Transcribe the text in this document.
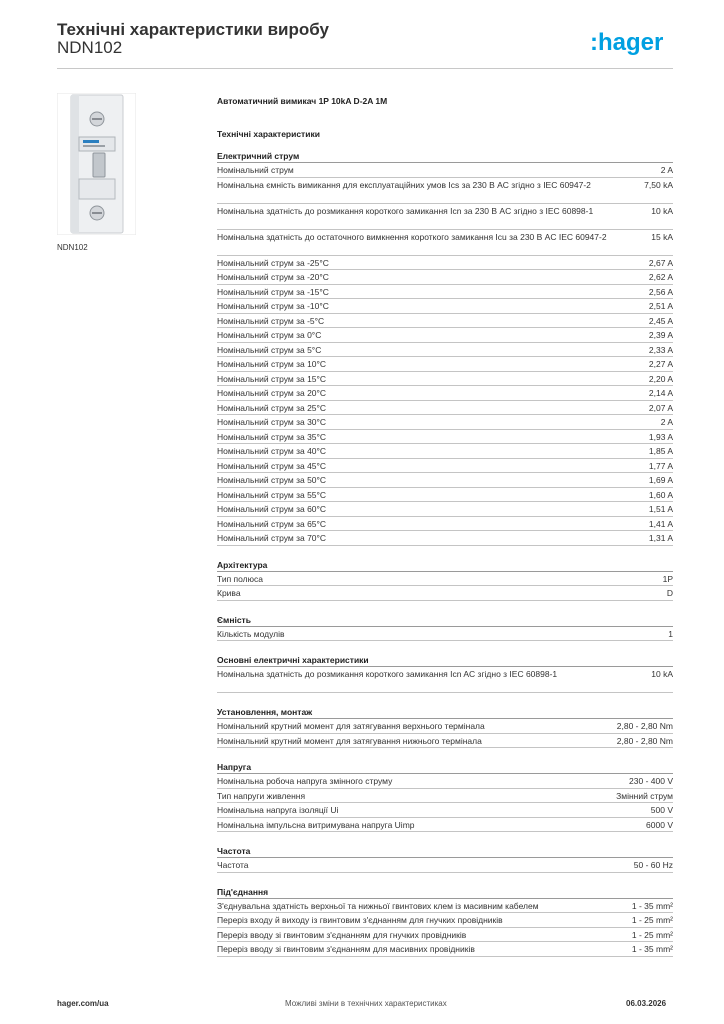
Технічні характеристики виробу
NDN102	:hager
NDN102
Автоматичний вимикач 1P 10kA D-2A 1M
Технічні характеристики
Електричний струм
Номінальний струм	2 A
Номінальна ємність вимикання для експлуатаційних умов Ics за 230 В AC згідно з IEC 60947-2	7,50 kA
Номінальна здатність до розмикання короткого замикання Icn за 230 В AC згідно з IEC 60898-1	10 kA
Номінальна здатність до остаточного вимкнення короткого замикання Icu за 230 В AC IEC 60947-2	15 kA
Номінальний струм за -25°C	2,67 A
Номінальний струм за -20°C	2,62 A
Номінальний струм за -15°C	2,56 A
Номінальний струм за -10°C	2,51 A
Номінальний струм за -5°C	2,45 A
Номінальний струм за 0°C	2,39 A
Номінальний струм за 5°C	2,33 A
Номінальний струм за 10°C	2,27 A
Номінальний струм за 15°C	2,20 A
Номінальний струм за 20°C	2,14 A
Номінальний струм за 25°C	2,07 A
Номінальний струм за 30°C	2 A
Номінальний струм за 35°C	1,93 A
Номінальний струм за 40°C	1,85 A
Номінальний струм за 45°C	1,77 A
Номінальний струм за 50°C	1,69 A
Номінальний струм за 55°C	1,60 A
Номінальний струм за 60°C	1,51 A
Номінальний струм за 65°C	1,41 A
Номінальний струм за 70°C	1,31 A
Архітектура
Тип полюса	1P
Крива	D
Ємність
Кількість модулів	1
Основні електричні характеристики
Номінальна здатність до розмикання короткого замикання Icn AC згідно з IEC 60898-1	10 kA
Установлення, монтаж
Номінальний крутний момент для затягування верхнього термінала	2,80 - 2,80 Nm
Номінальний крутний момент для затягування нижнього термінала	2,80 - 2,80 Nm
Напруга
Номінальна робоча напруга змінного струму	230 - 400 V
Тип напруги живлення	Змінний струм
Номінальна напруга ізоляції Ui	500 V
Номінальна імпульсна витримувана напруга Uimp	6000 V
Частота
Частота	50 - 60 Hz
Під'єднання
З'єднувальна здатність верхньої та нижньої гвинтових клем із масивним кабелем	1 - 35 mm²
Переріз входу й виходу із гвинтовим з'єднанням для гнучких провідників	1 - 25 mm²
Переріз вводу зі гвинтовим з'єднанням для гнучких провідників	1 - 25 mm²
Переріз вводу зі гвинтовим з'єднанням для масивних провідників	1 - 35 mm²
hager.com/ua	Можливі зміни в технічних характеристиках	06.03.2026
